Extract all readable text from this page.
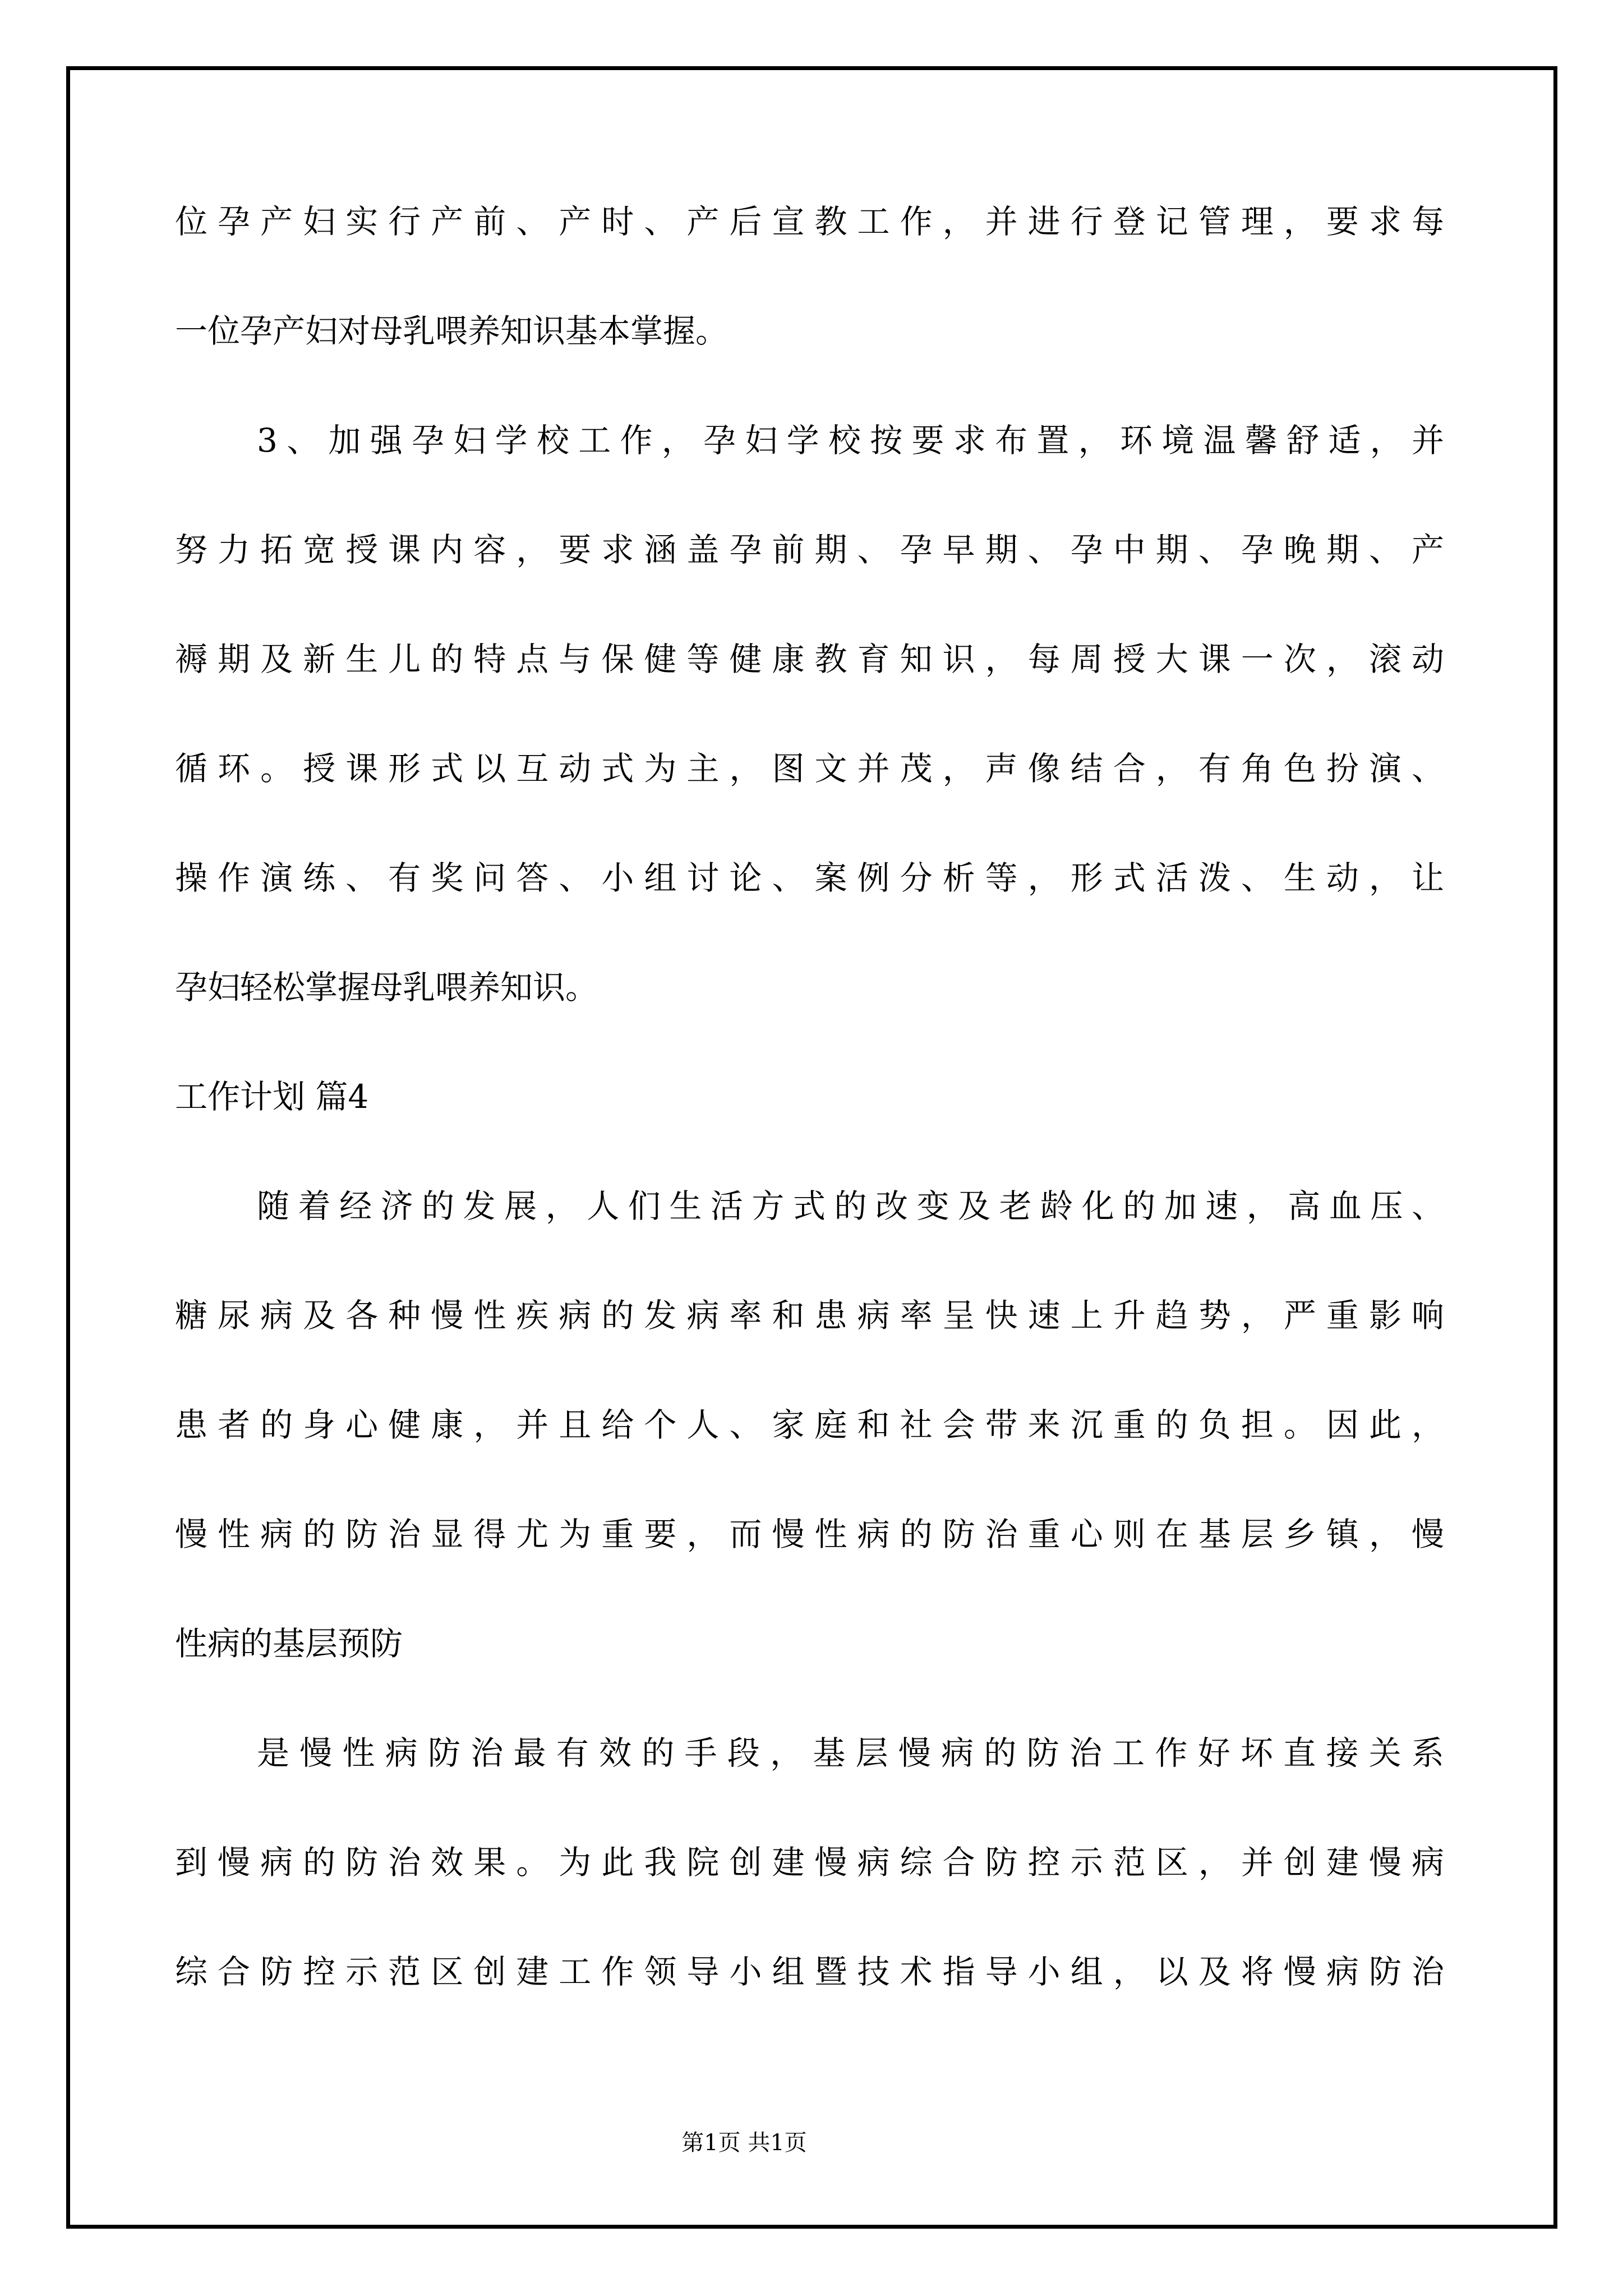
位孕产妇实行产前、产时、产后宣教工作，并进行登记管理，要求每
一位孕产妇对母乳喂养知识基本掌握。
3、加强孕妇学校工作，孕妇学校按要求布置，环境温馨舒适，并
努力拓宽授课内容，要求涵盖孕前期、孕早期、孕中期、孕晚期、产
褥期及新生儿的特点与保健等健康教育知识，每周授大课一次，滚动
循环。授课形式以互动式为主，图文并茂，声像结合，有角色扮演、
操作演练、有奖问答、小组讨论、案例分析等，形式活泼、生动，让
孕妇轻松掌握母乳喂养知识。
工作计划 篇4
随着经济的发展，人们生活方式的改变及老龄化的加速，高血压、
糖尿病及各种慢性疾病的发病率和患病率呈快速上升趋势，严重影响
患者的身心健康，并且给个人、家庭和社会带来沉重的负担。因此，
慢性病的防治显得尤为重要，而慢性病的防治重心则在基层乡镇，慢
性病的基层预防
是慢性病防治最有效的手段，基层慢病的防治工作好坏直接关系
到慢病的防治效果。为此我院创建慢病综合防控示范区，并创建慢病
综合防控示范区创建工作领导小组暨技术指导小组，以及将慢病防治
第1页 共1页
